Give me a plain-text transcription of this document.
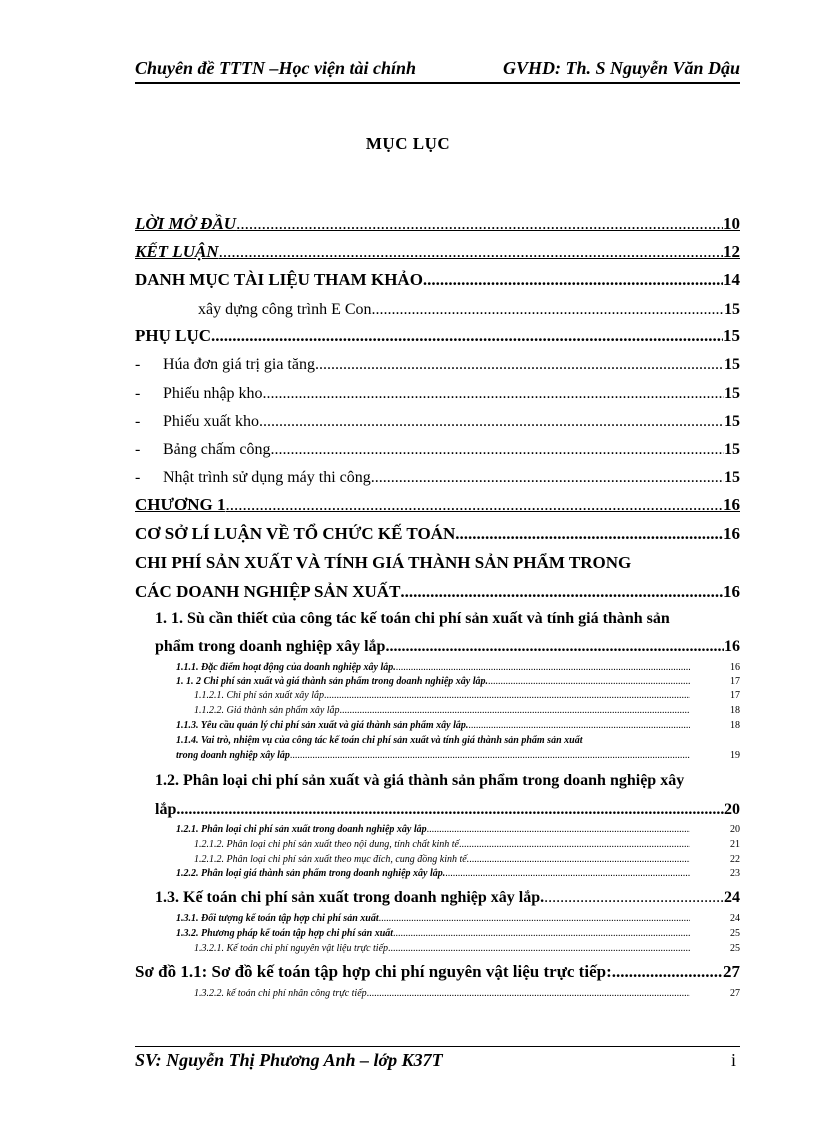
Chuyên đề TTTN –Học viện tài chính	GVHD: Th. S Nguyễn Văn Dậu
MỤC LỤC
LỜI MỞ ĐẦU .....	10
KẾT LUẬN .....	12
DANH MỤC TÀI LIỆU THAM KHẢO .....	14
xây dựng công trình E Con .....	15
PHỤ LỤC .....	15
- Húa đơn giá trị gia tăng .....	15
- Phiếu nhập kho .....	15
- Phiếu xuất kho .....	15
- Bảng chấm công .....	15
- Nhật trình sử dụng máy thi công .....	15
CHƯƠNG 1 .....	16
CƠ SỞ LÍ LUẬN VỀ TỔ CHỨC KẾ TOÁN .....	16
CHI PHÍ SẢN XUẤT VÀ TÍNH GIÁ THÀNH SẢN PHẨM TRONG
CÁC DOANH NGHIỆP SẢN XUẤT .....	16
1. 1. Sù cần thiết của công tác kế toán chi phí sản xuất và tính giá thành sản
phẩm trong doanh nghiệp xây lắp .....	16
1.1.1. Đặc điểm hoạt động của doanh nghiệp xây lắp. .....	16
1. 1. 2 Chi phí sản xuất và giá thành sản phẩm trong doanh nghiệp xây lắp. .....	17
1.1.2.1. Chi phí sản xuất xây lắp .....	17
1.1.2.2. Giá thành sản phẩm xây lắp .....	18
1.1.3. Yêu cầu quản lý chi phí sản xuất và giá thành sản phẩm xây lắp. .....	18
1.1.4. Vai trò, nhiệm vụ của công tác kế toán chi phí sản xuất và tính giá thành sản phẩm sản xuất
trong doanh nghiệp xây lắp .....	19
1.2. Phân loại chi phí sản xuất và giá thành sản phẩm trong doanh nghiệp xây
lắp. .....	20
1.2.1. Phân loại chi phí sản xuất trong doanh nghiệp xây lắp .....	20
1.2.1.2. Phân loại chi phí sản xuất theo nội dung, tính chất kinh tế .....	21
1.2.1.2. Phân loại chi phí sản xuất theo mục đích, cung đồng kinh tế. .....	22
1.2.2. Phân loại giá thành sản phẩm trong doanh nghiệp xây lắp. .....	23
1.3. Kế toán chi phí sản xuất trong doanh nghiệp xây lắp. .....	24
1.3.1. Đối tượng kế toán tập hợp chi phí sản xuất .....	24
1.3.2. Phương pháp kế toán tập hợp chi phí sản xuất .....	25
1.3.2.1. Kế toán chi phí nguyên vật liệu trực tiếp .....	25
Sơ đồ 1.1: Sơ đồ kế toán tập hợp chi phí nguyên vật liệu trực tiếp: .....	27
1.3.2.2. kế toán chi phí nhân công trực tiếp .....	27
SV: Nguyễn Thị Phương Anh – lớp K37T	i
